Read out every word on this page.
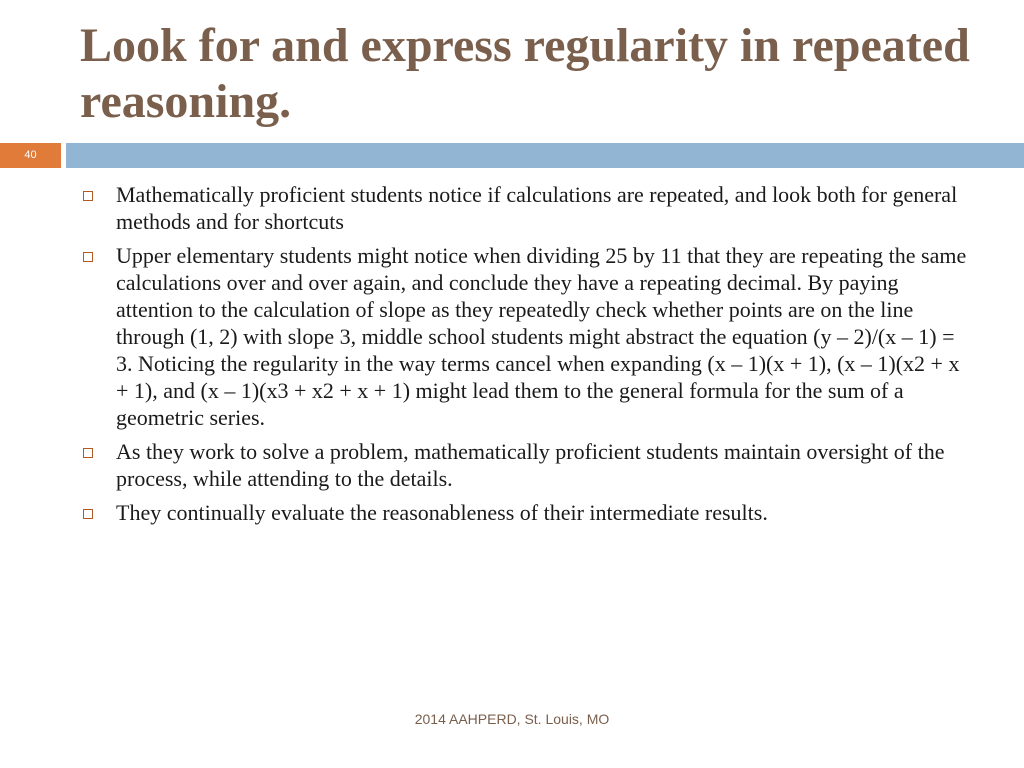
Look for and express regularity in repeated reasoning.
40
Mathematically proficient students notice if calculations are repeated, and look both for general methods and for shortcuts
Upper elementary students might notice when dividing 25 by 11 that they are repeating the same calculations over and over again, and conclude they have a repeating decimal. By paying attention to the calculation of slope as they repeatedly check whether points are on the line through (1, 2) with slope 3, middle school students might abstract the equation (y – 2)/(x – 1) = 3. Noticing the regularity in the way terms cancel when expanding (x – 1)(x + 1), (x – 1)(x2 + x + 1), and (x – 1)(x3 + x2 + x + 1) might lead them to the general formula for the sum of a geometric series.
As they work to solve a problem, mathematically proficient students maintain oversight of the process, while attending to the details.
They continually evaluate the reasonableness of their intermediate results.
2014 AAHPERD, St. Louis, MO
